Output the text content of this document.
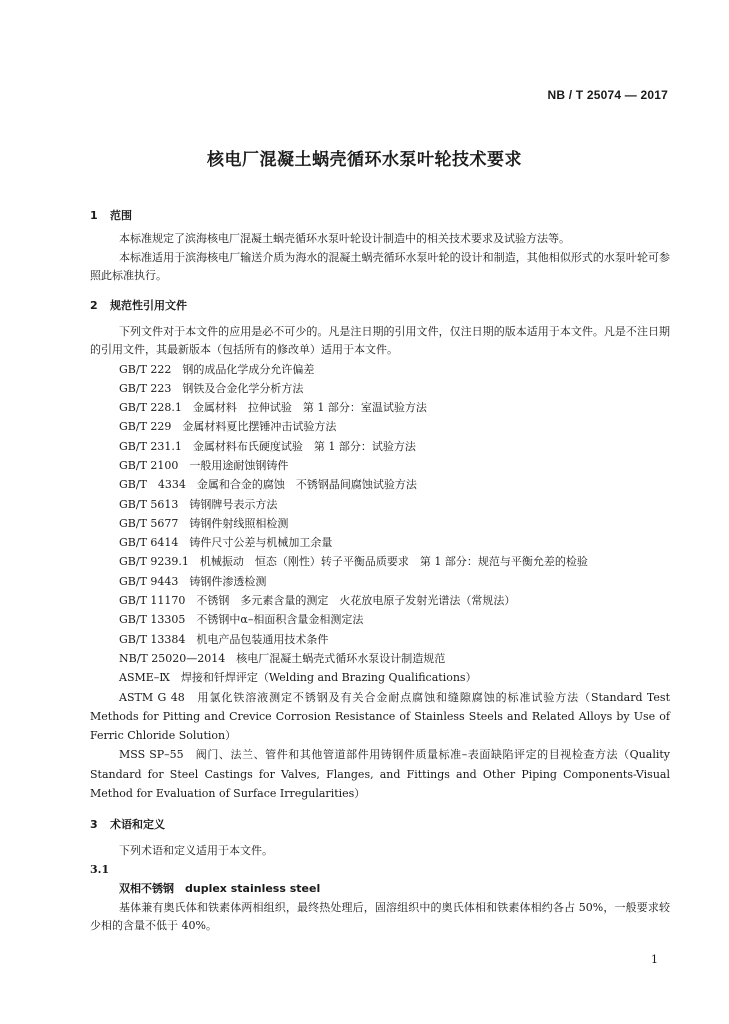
NB / T 25074 — 2017
核电厂混凝土蜗壳循环水泵叶轮技术要求
1 范围

本标准规定了滨海核电厂混凝土蜗壳循环水泵叶轮设计制造中的相关技术要求及试验方法等。

本标准适用于滨海核电厂输送介质为海水的混凝土蜗壳循环水泵叶轮的设计和制造，其他相似形式的水泵叶轮可参照此标准执行。

2 规范性引用文件

下列文件对于本文件的应用是必不可少的。凡是注日期的引用文件，仅注日期的版本适用于本文件。凡是不注日期的引用文件，其最新版本（包括所有的修改单）适用于本文件。

GB/T 222　钢的成品化学成分允许偏差

GB/T 223　钢铁及合金化学分析方法

GB/T 228.1　金属材料　拉伸试验　第 1 部分：室温试验方法

GB/T 229　金属材料夏比摆锤冲击试验方法

GB/T 231.1　金属材料布氏硬度试验　第 1 部分：试验方法

GB/T 2100　一般用途耐蚀钢铸件

GB/T　4334　金属和合金的腐蚀　不锈钢晶间腐蚀试验方法

GB/T 5613　铸钢牌号表示方法

GB/T 5677　铸钢件射线照相检测

GB/T 6414　铸件尺寸公差与机械加工余量

GB/T 9239.1　机械振动　恒态（刚性）转子平衡品质要求　第 1 部分：规范与平衡允差的检验

GB/T 9443　铸钢件渗透检测

GB/T 11170　不锈钢　多元素含量的测定　火花放电原子发射光谱法（常规法）

GB/T 13305　不锈钢中α–相面积含量金相测定法

GB/T 13384　机电产品包装通用技术条件

NB/T 25020—2014　核电厂混凝土蜗壳式循环水泵设计制造规范

ASME–Ⅸ　焊接和钎焊评定（Welding and Brazing Qualifications）

ASTM G 48　用氯化铁溶液测定不锈钢及有关合金耐点腐蚀和缝隙腐蚀的标准试验方法（Standard Test Methods for Pitting and Crevice Corrosion Resistance of Stainless Steels and Related Alloys by Use of Ferric Chloride Solution）

MSS SP–55　阀门、法兰、管件和其他管道部件用铸钢件质量标准–表面缺陷评定的目视检查方法（Quality Standard for Steel Castings for Valves, Flanges, and Fittings and Other Piping Components-Visual Method for Evaluation of Surface Irregularities）

3 术语和定义

下列术语和定义适用于本文件。

3.1

双相不锈钢　duplex stainless steel

基体兼有奥氏体和铁素体两相组织，最终热处理后，固溶组织中的奥氏体相和铁素体相约各占 50%，一般要求较少相的含量不低于 40%。

1
